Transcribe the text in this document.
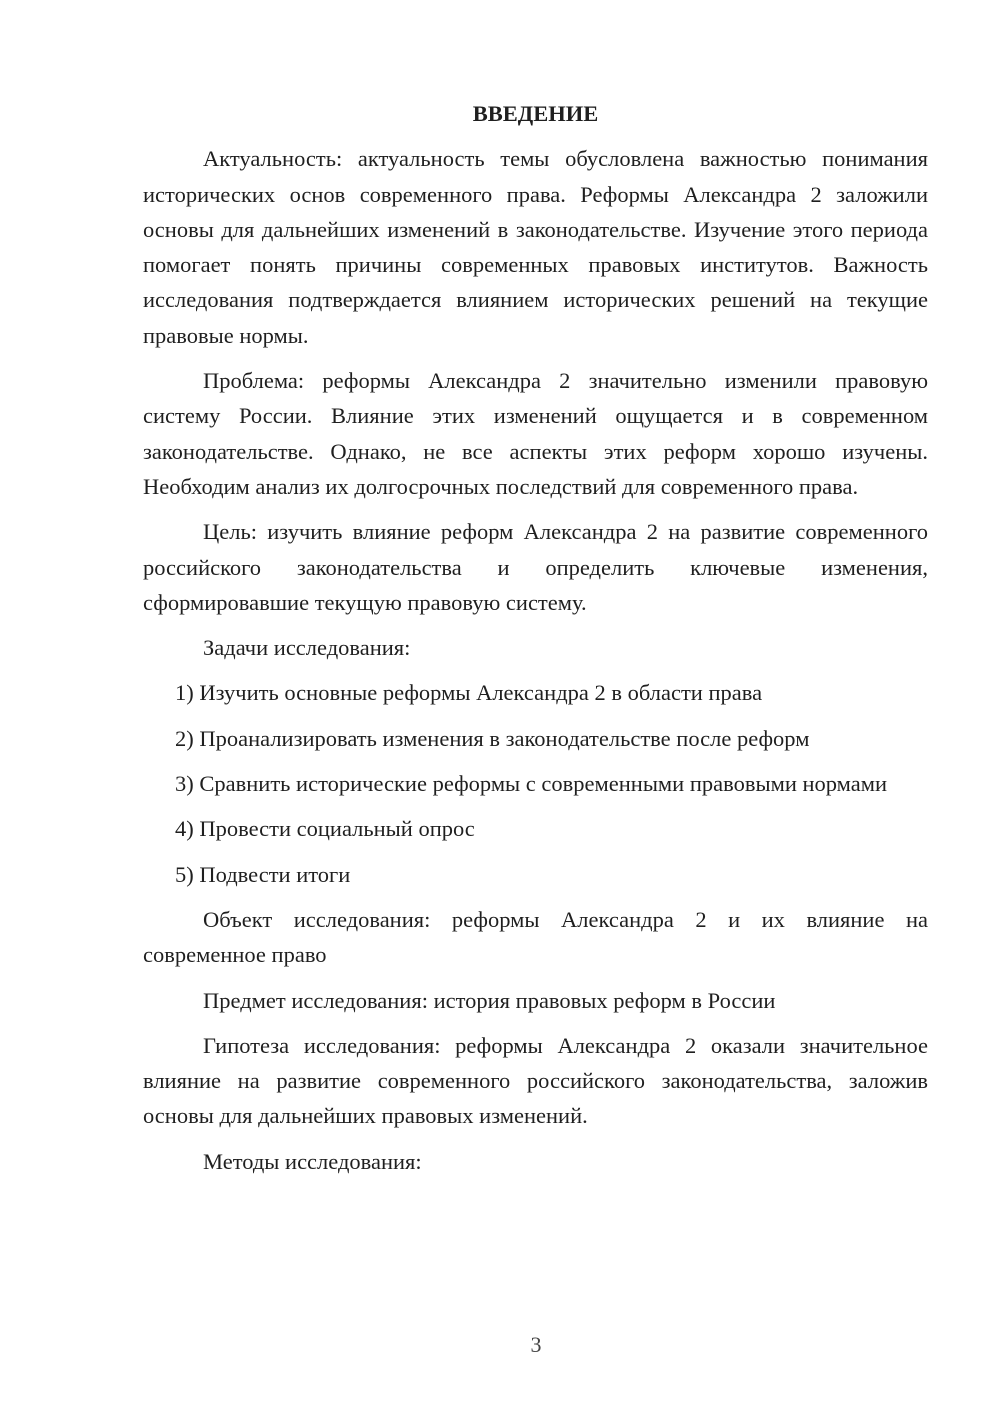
ВВЕДЕНИЕ

Актуальность: актуальность темы обусловлена важностью понимания исторических основ современного права. Реформы Александра 2 заложили основы для дальнейших изменений в законодательстве. Изучение этого периода помогает понять причины современных правовых институтов. Важность исследования подтверждается влиянием исторических решений на текущие правовые нормы.

Проблема: реформы Александра 2 значительно изменили правовую систему России. Влияние этих изменений ощущается и в современном законодательстве. Однако, не все аспекты этих реформ хорошо изучены. Необходим анализ их долгосрочных последствий для современного права.

Цель: изучить влияние реформ Александра 2 на развитие современного российского законодательства и определить ключевые изменения, сформировавшие текущую правовую систему.

Задачи исследования:

1) Изучить основные реформы Александра 2 в области права

2) Проанализировать изменения в законодательстве после реформ

3) Сравнить исторические реформы с современными правовыми нормами

4) Провести социальный опрос

5) Подвести итоги

Объект исследования: реформы Александра 2 и их влияние на современное право

Предмет исследования: история правовых реформ в России

Гипотеза исследования: реформы Александра 2 оказали значительное влияние на развитие современного российского законодательства, заложив основы для дальнейших правовых изменений.

Методы исследования:

3
